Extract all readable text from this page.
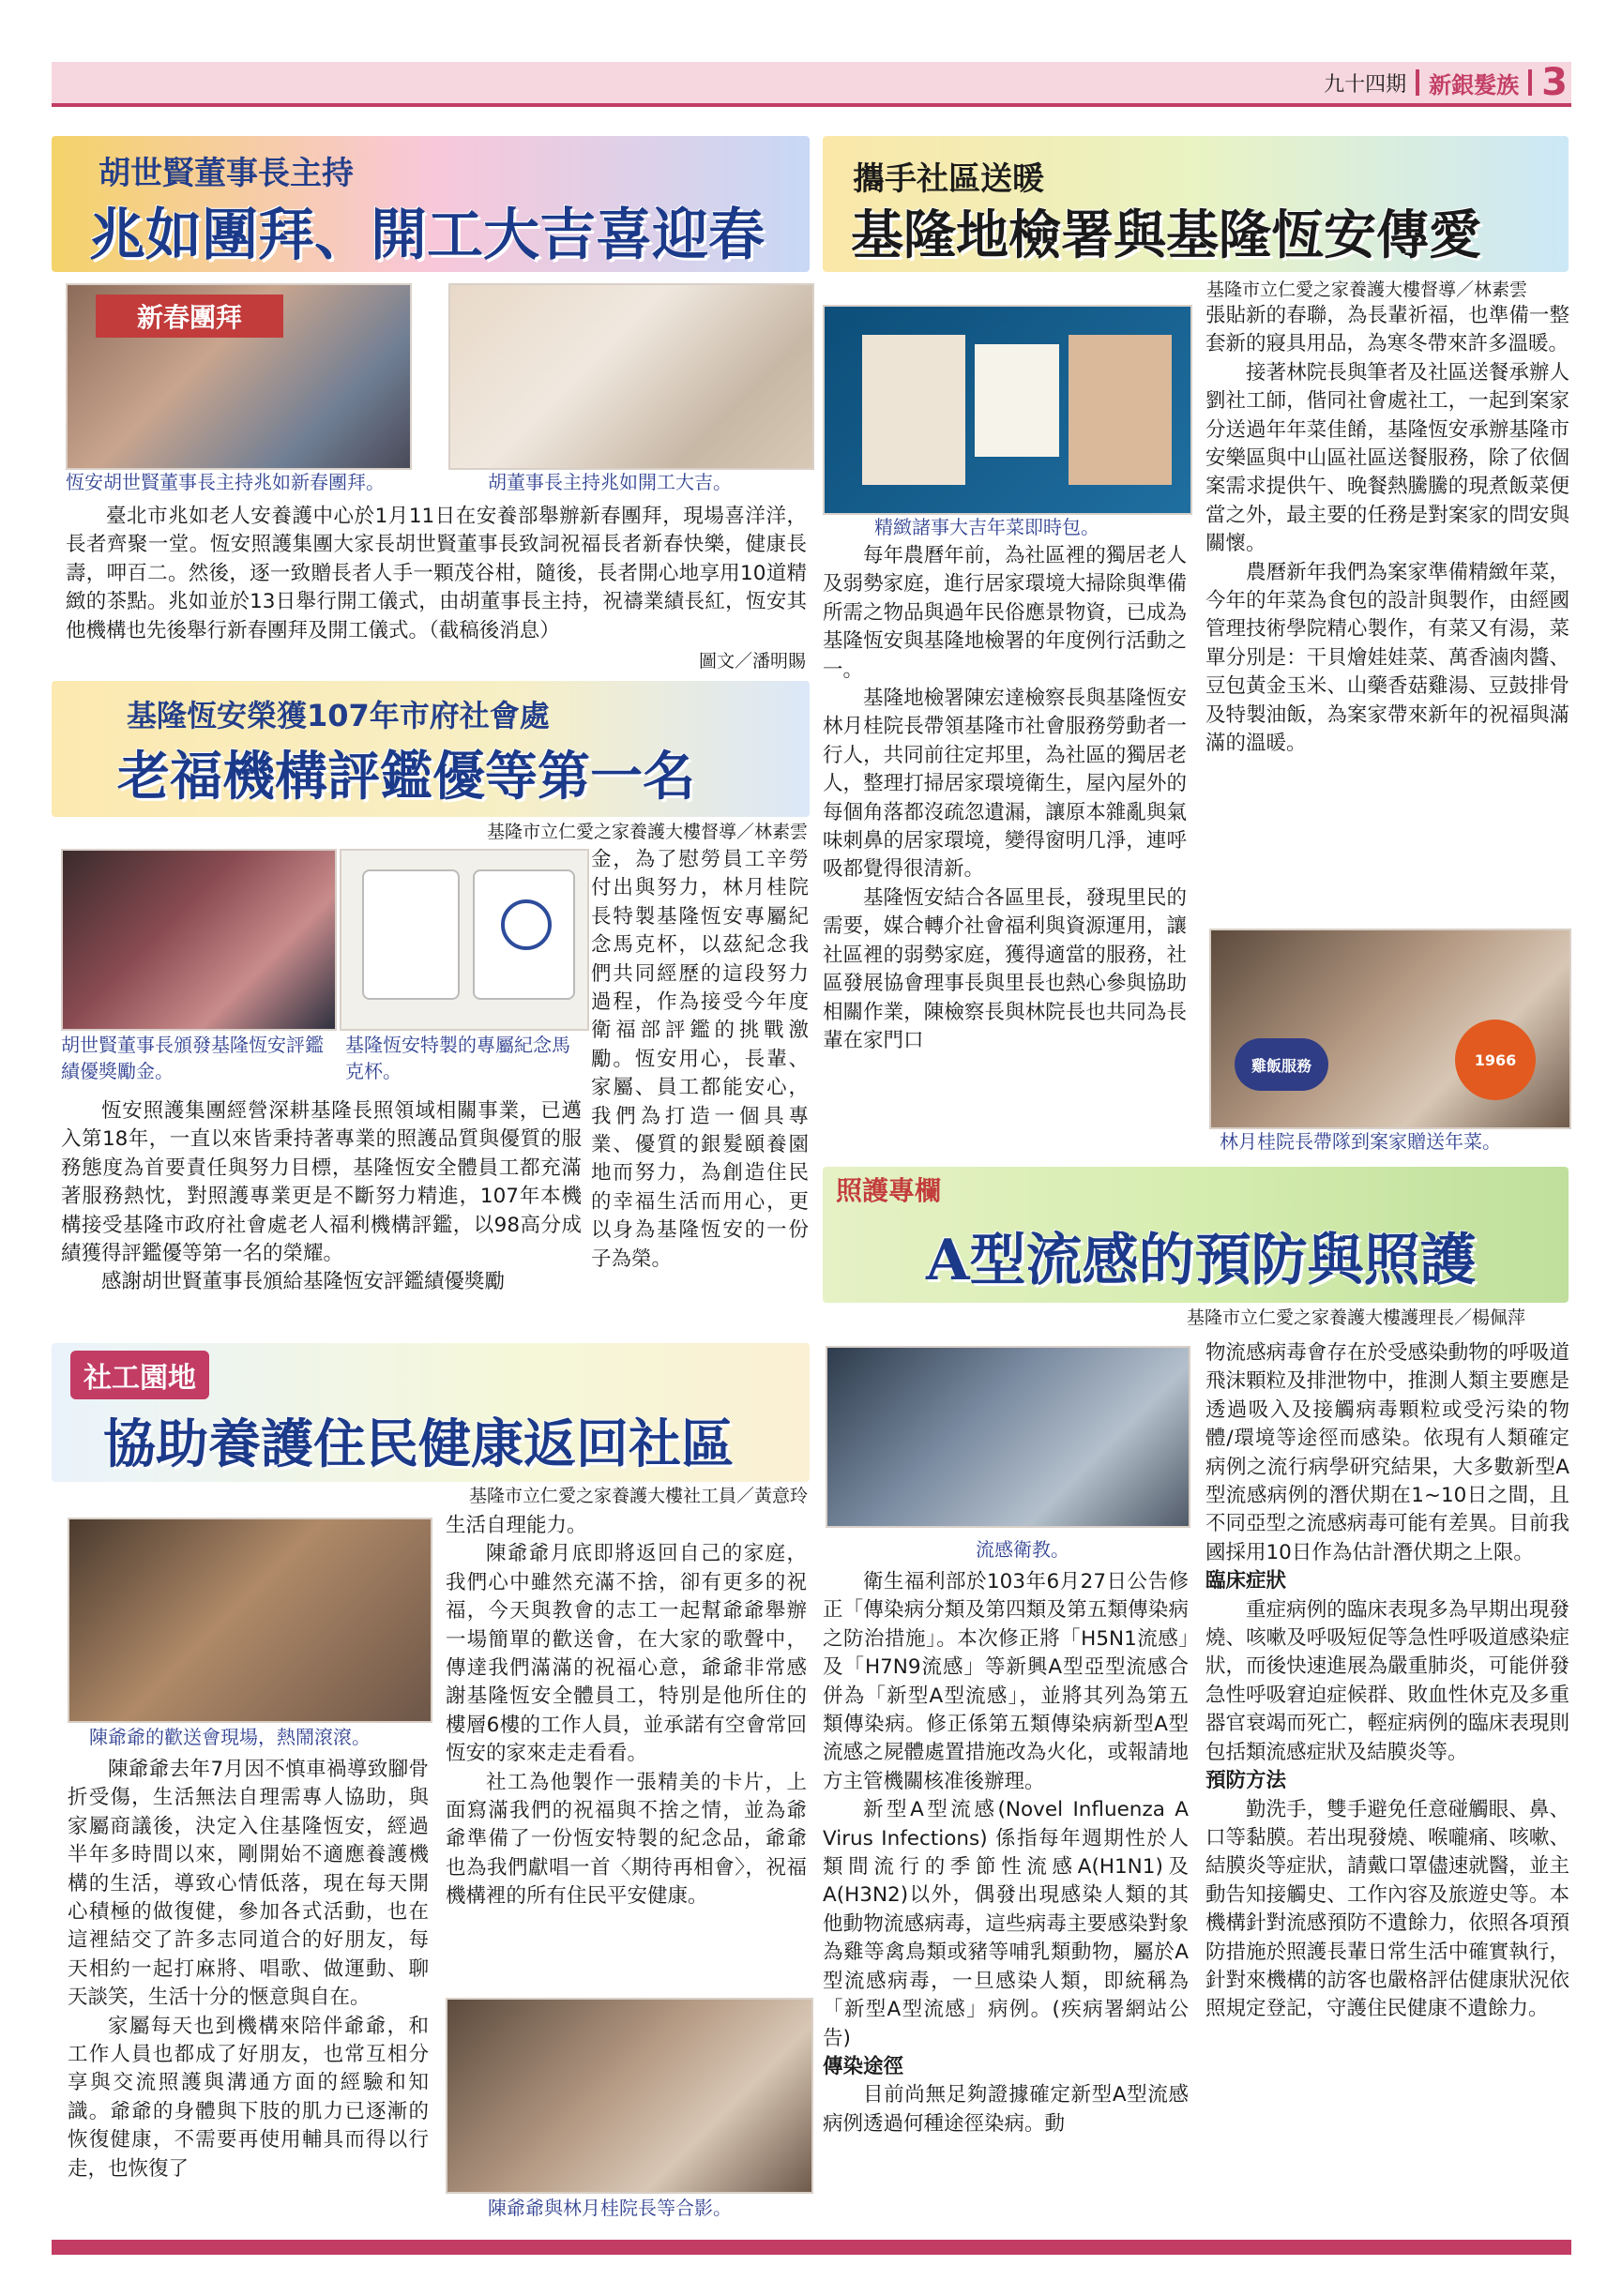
九十四期 新銀髮族 3
胡世賢董事長主持
兆如團拜、開工大吉喜迎春
新春團拜
恆安胡世賢董事長主持兆如新春團拜。	胡董事長主持兆如開工大吉。

臺北市兆如老人安養護中心於1月11日在安養部舉辦新春團拜，現場喜洋洋，長者齊聚一堂。恆安照護集團大家長胡世賢董事長致詞祝福長者新春快樂，健康長壽，呷百二。然後，逐一致贈長者人手一顆茂谷柑，隨後，長者開心地享用10道精緻的茶點。兆如並於13日舉行開工儀式，由胡董事長主持，祝禱業績長紅，恆安其他機構也先後舉行新春團拜及開工儀式。（截稿後消息）

圖文／潘明賜
基隆恆安榮獲107年市府社會處
老福機構評鑑優等第一名
基隆市立仁愛之家養護大樓督導／林素雲
胡世賢董事長頒發基隆恆安評鑑績優獎勵金。
基隆恆安特製的專屬紀念馬克杯。

金，為了慰勞員工辛勞付出與努力，林月桂院長特製基隆恆安專屬紀念馬克杯，以茲紀念我們共同經歷的這段努力過程，作為接受今年度衛福部評鑑的挑戰激勵。恆安用心，長輩、家屬、員工都能安心，我們為打造一個具專業、優質的銀髮頤養園地而努力，為創造住民的幸福生活而用心，更以身為基隆恆安的一份子為榮。

恆安照護集團經營深耕基隆長照領域相關事業，已邁入第18年，一直以來皆秉持著專業的照護品質與優質的服務態度為首要責任與努力目標，基隆恆安全體員工都充滿著服務熱忱，對照護專業更是不斷努力精進，107年本機構接受基隆市政府社會處老人福利機構評鑑，以98高分成績獲得評鑑優等第一名的榮耀。

感謝胡世賢董事長頒給基隆恆安評鑑績優獎勵

攜手社區送暖
基隆地檢署與基隆恆安傳愛
基隆市立仁愛之家養護大樓督導／林素雲
精緻諸事大吉年菜即時包。

每年農曆年前，為社區裡的獨居老人及弱勢家庭，進行居家環境大掃除與準備所需之物品與過年民俗應景物資，已成為基隆恆安與基隆地檢署的年度例行活動之一。

基隆地檢署陳宏達檢察長與基隆恆安林月桂院長帶領基隆市社會服務勞動者一行人，共同前往定邦里，為社區的獨居老人，整理打掃居家環境衛生，屋內屋外的每個角落都沒疏忽遺漏，讓原本雜亂與氣味刺鼻的居家環境，變得窗明几淨，連呼吸都覺得很清新。

基隆恆安結合各區里長，發現里民的需要，媒合轉介社會福利與資源運用，讓社區裡的弱勢家庭，獲得適當的服務，社區發展協會理事長與里長也熱心參與協助相關作業，陳檢察長與林院長也共同為長輩在家門口

張貼新的春聯，為長輩祈福，也準備一整套新的寢具用品，為寒冬帶來許多溫暖。

接著林院長與筆者及社區送餐承辦人劉社工師，偕同社會處社工，一起到案家分送過年年菜佳餚，基隆恆安承辦基隆市安樂區與中山區社區送餐服務，除了依個案需求提供午、晚餐熱騰騰的現煮飯菜便當之外，最主要的任務是對案家的問安與關懷。

農曆新年我們為案家準備精緻年菜，今年的年菜為食包的設計與製作，由經國管理技術學院精心製作，有菜又有湯，菜單分別是：干貝燴娃娃菜、萬香滷肉醬、豆包黃金玉米、山藥香菇雞湯、豆鼓排骨及特製油飯，為案家帶來新年的祝福與滿滿的溫暖。

雞飯服務	1966
林月桂院長帶隊到案家贈送年菜。
照護專欄
A型流感的預防與照護
基隆市立仁愛之家養護大樓護理長／楊佩萍
流感衛教。

衛生福利部於103年6月27日公告修正「傳染病分類及第四類及第五類傳染病之防治措施」。本次修正將「H5N1流感」及「H7N9流感」等新興A型亞型流感合併為「新型A型流感」，並將其列為第五類傳染病。修正係第五類傳染病新型A型流感之屍體處置措施改為火化，或報請地方主管機關核准後辦理。

新型A型流感(Novel Influenza A Virus Infections) 係指每年週期性於人類間流行的季節性流感A(H1N1)及A(H3N2)以外，偶發出現感染人類的其他動物流感病毒，這些病毒主要感染對象為雞等禽鳥類或豬等哺乳類動物，屬於A型流感病毒，一旦感染人類，即統稱為「新型A型流感」病例。(疾病署網站公告)

傳染途徑

目前尚無足夠證據確定新型A型流感病例透過何種途徑染病。動

物流感病毒會存在於受感染動物的呼吸道飛沫顆粒及排泄物中，推測人類主要應是透過吸入及接觸病毒顆粒或受污染的物體/環境等途徑而感染。依現有人類確定病例之流行病學研究結果，大多數新型A型流感病例的潛伏期在1~10日之間，且不同亞型之流感病毒可能有差異。目前我國採用10日作為估計潛伏期之上限。

臨床症狀

重症病例的臨床表現多為早期出現發燒、咳嗽及呼吸短促等急性呼吸道感染症狀，而後快速進展為嚴重肺炎，可能併發急性呼吸窘迫症候群、敗血性休克及多重器官衰竭而死亡，輕症病例的臨床表現則包括類流感症狀及結膜炎等。

預防方法

勤洗手，雙手避免任意碰觸眼、鼻、口等黏膜。若出現發燒、喉嚨痛、咳嗽、結膜炎等症狀，請戴口罩儘速就醫，並主動告知接觸史、工作內容及旅遊史等。本機構針對流感預防不遺餘力，依照各項預防措施於照護長輩日常生活中確實執行，針對來機構的訪客也嚴格評估健康狀況依照規定登記，守護住民健康不遺餘力。

社工園地
協助養護住民健康返回社區
基隆市立仁愛之家養護大樓社工員／黃意玲
陳爺爺的歡送會現場，熱鬧滾滾。

陳爺爺去年7月因不慎車禍導致腳骨折受傷，生活無法自理需專人協助，與家屬商議後，決定入住基隆恆安，經過半年多時間以來，剛開始不適應養護機構的生活，導致心情低落，現在每天開心積極的做復健，參加各式活動，也在這裡結交了許多志同道合的好朋友，每天相約一起打麻將、唱歌、做運動、聊天談笑，生活十分的愜意與自在。

家屬每天也到機構來陪伴爺爺，和工作人員也都成了好朋友，也常互相分享與交流照護與溝通方面的經驗和知識。爺爺的身體與下肢的肌力已逐漸的恢復健康，不需要再使用輔具而得以行走，也恢復了

生活自理能力。

陳爺爺月底即將返回自己的家庭，我們心中雖然充滿不捨，卻有更多的祝福，今天與教會的志工一起幫爺爺舉辦一場簡單的歡送會，在大家的歌聲中，傳達我們滿滿的祝福心意，爺爺非常感謝基隆恆安全體員工，特別是他所住的樓層6樓的工作人員，並承諾有空會常回恆安的家來走走看看。

社工為他製作一張精美的卡片，上面寫滿我們的祝福與不捨之情，並為爺爺準備了一份恆安特製的紀念品，爺爺也為我們獻唱一首〈期待再相會〉，祝福機構裡的所有住民平安健康。

陳爺爺與林月桂院長等合影。
